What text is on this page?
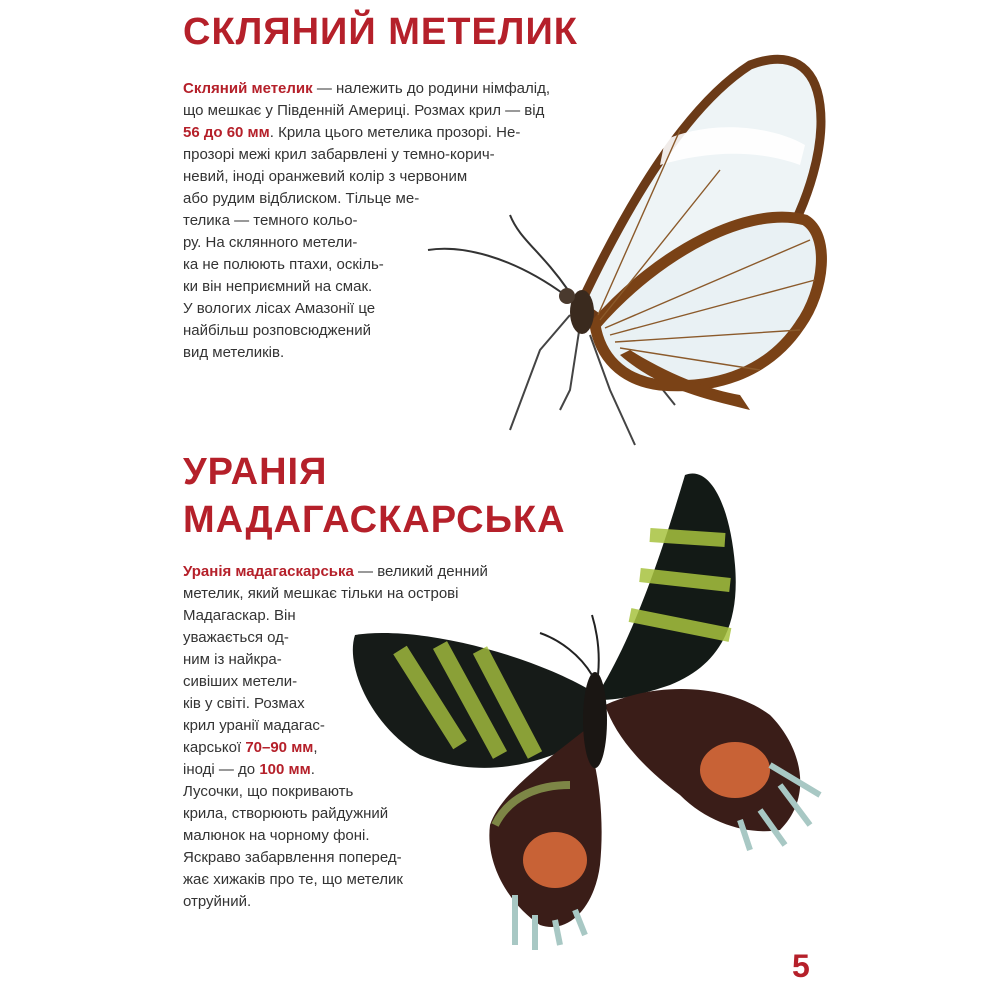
СКЛЯНИЙ МЕТЕЛИК
Скляний метелик — належить до родини німфалід,
що мешкає у Південній Америці. Розмах крил — від
56 до 60 мм. Крила цього метелика прозорі. Не-
прозорі межі крил забарвлені у темно-корич-
невий, іноді оранжевий колір з червоним
або рудим відблиском. Тільце ме-
телика — темного кольо-
ру. На склянного метели-
ка не полюють птахи, оскіль-
ки він неприємний на смак.
У вологих лісах Амазонії це
найбільш розповсюджений
вид метеликів.
УРАНІЯ
МАДАГАСКАРСЬКА
Уранія мадагаскарська — великий денний
метелик, який мешкає тільки на острові
Мадагаскар. Він
уважається од-
ним із найкра-
сивіших метели-
ків у світі. Розмах
крил уранії мадагас-
карської 70–90 мм,
іноді — до 100 мм.
Лусочки, що покривають
крила, створюють райдужний
малюнок на чорному фоні.
Яскраво забарвлення поперед-
жає хижаків про те, що метелик
отруйний.
5
